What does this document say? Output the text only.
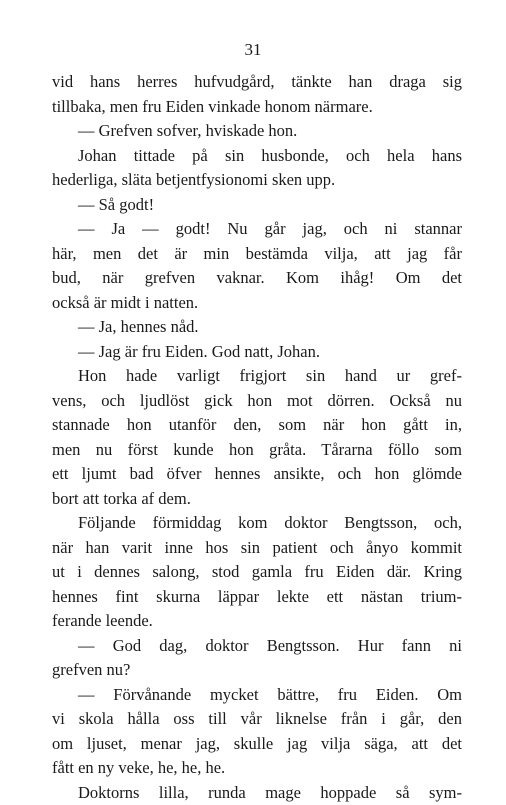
31
vid hans herres hufvudgård, tänkte han draga sig
tillbaka, men fru Eiden vinkade honom närmare.
— Grefven sofver, hviskade hon.
Johan tittade på sin husbonde, och hela hans
hederliga, släta betjentfysionomi sken upp.
— Så godt!
— Ja — godt! Nu går jag, och ni stannar
här, men det är min bestämda vilja, att jag får
bud, när grefven vaknar. Kom ihåg! Om det
också är midt i natten.
— Ja, hennes nåd.
— Jag är fru Eiden. God natt, Johan.
Hon hade varligt frigjort sin hand ur gref-
vens, och ljudlöst gick hon mot dörren. Också nu
stannade hon utanför den, som när hon gått in,
men nu först kunde hon gråta. Tårarna föllo som
ett ljumt bad öfver hennes ansikte, och hon glömde
bort att torka af dem.
Följande förmiddag kom doktor Bengtsson, och,
när han varit inne hos sin patient och ånyo kommit
ut i dennes salong, stod gamla fru Eiden där. Kring
hennes fint skurna läppar lekte ett nästan trium-
ferande leende.
— God dag, doktor Bengtsson. Hur fann ni
grefven nu?
— Förvånande mycket bättre, fru Eiden. Om
vi skola hålla oss till vår liknelse från i går, den
om ljuset, menar jag, skulle jag vilja säga, att det
fått en ny veke, he, he, he.
Doktorns lilla, runda mage hoppade så sym-
